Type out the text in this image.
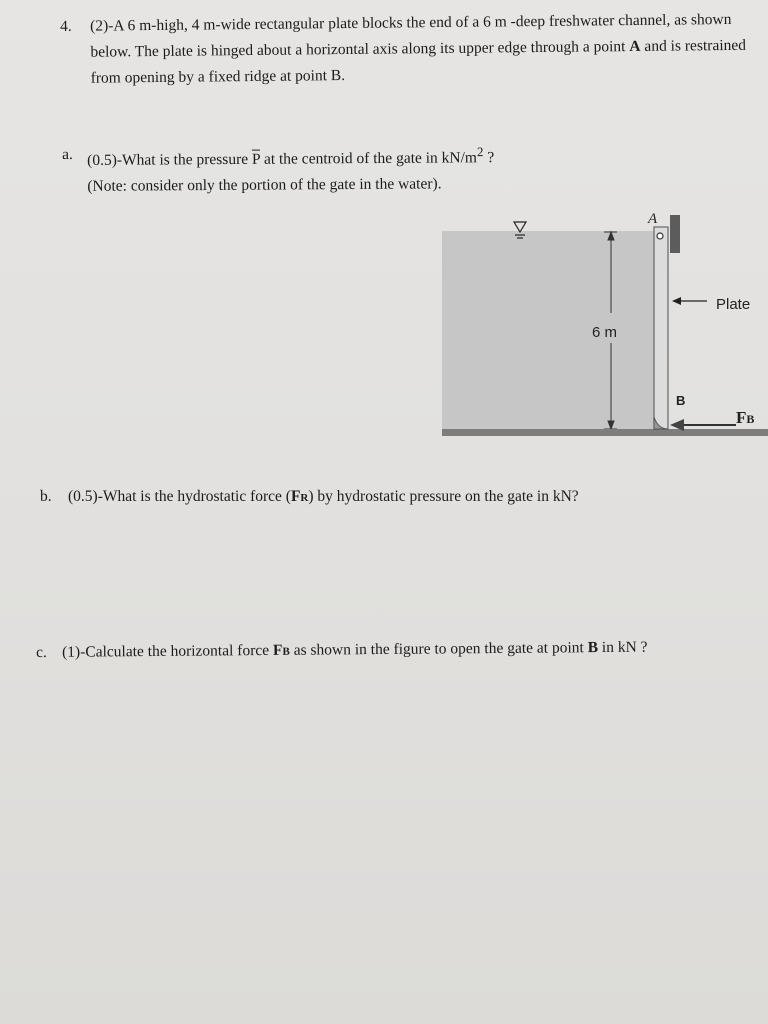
4. (2)-A 6 m-high, 4 m-wide rectangular plate blocks the end of a 6 m -deep freshwater channel, as shown below. The plate is hinged about a horizontal axis along its upper edge through a point A and is restrained from opening by a fixed ridge at point B.
a. (0.5)-What is the pressure $\overline{P}$ at the centroid of the gate in $kN/m^2$ ?
(Note: consider only the portion of the gate in the water).
6 m
A
Plate
B
FB
b. (0.5)-What is the hydrostatic force (FR) by hydrostatic pressure on the gate in kN?
c. (1)-Calculate the horizontal force FB as shown in the figure to open the gate at point B in kN ?
